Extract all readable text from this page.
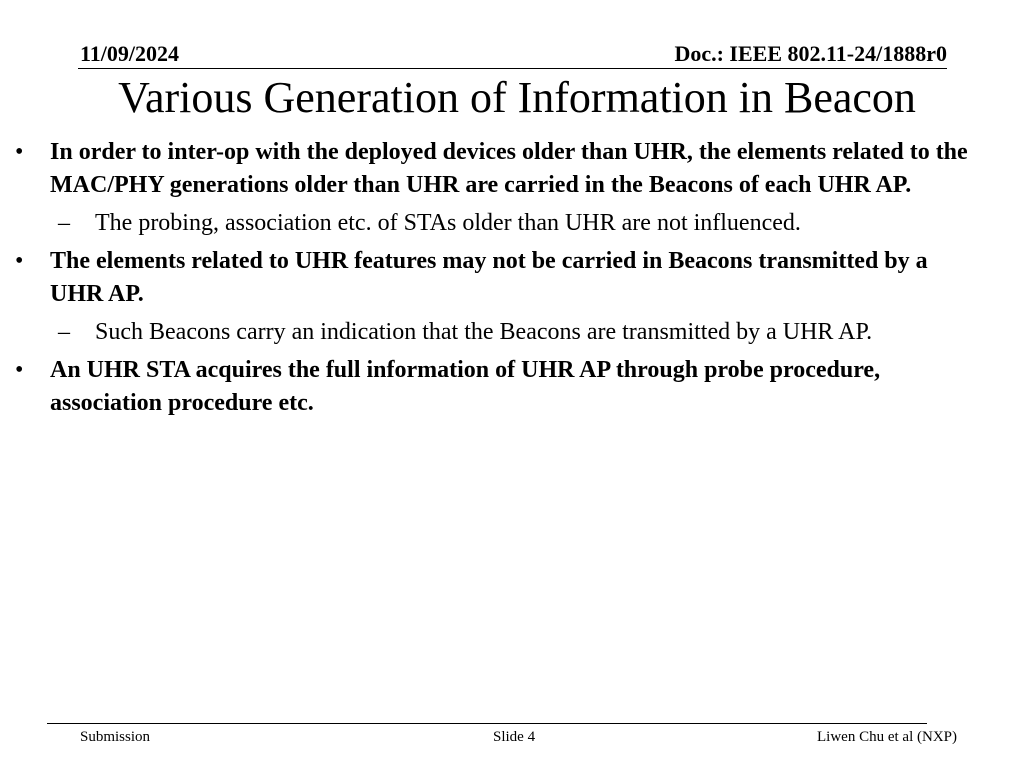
11/09/2024	Doc.: IEEE 802.11-24/1888r0
Various Generation of Information in Beacon
• In order to inter-op with the deployed devices older than UHR, the elements related to the MAC/PHY generations older than UHR are carried in the Beacons of each UHR AP.
– The probing, association etc. of STAs older than UHR are not influenced.
• The elements related to UHR features may not be carried in Beacons transmitted by a UHR AP.
– Such Beacons carry an indication that the Beacons are transmitted by a UHR AP.
• An UHR STA acquires the full information of UHR AP through probe procedure, association procedure etc.
Submission	Slide 4	Liwen Chu et al (NXP)
